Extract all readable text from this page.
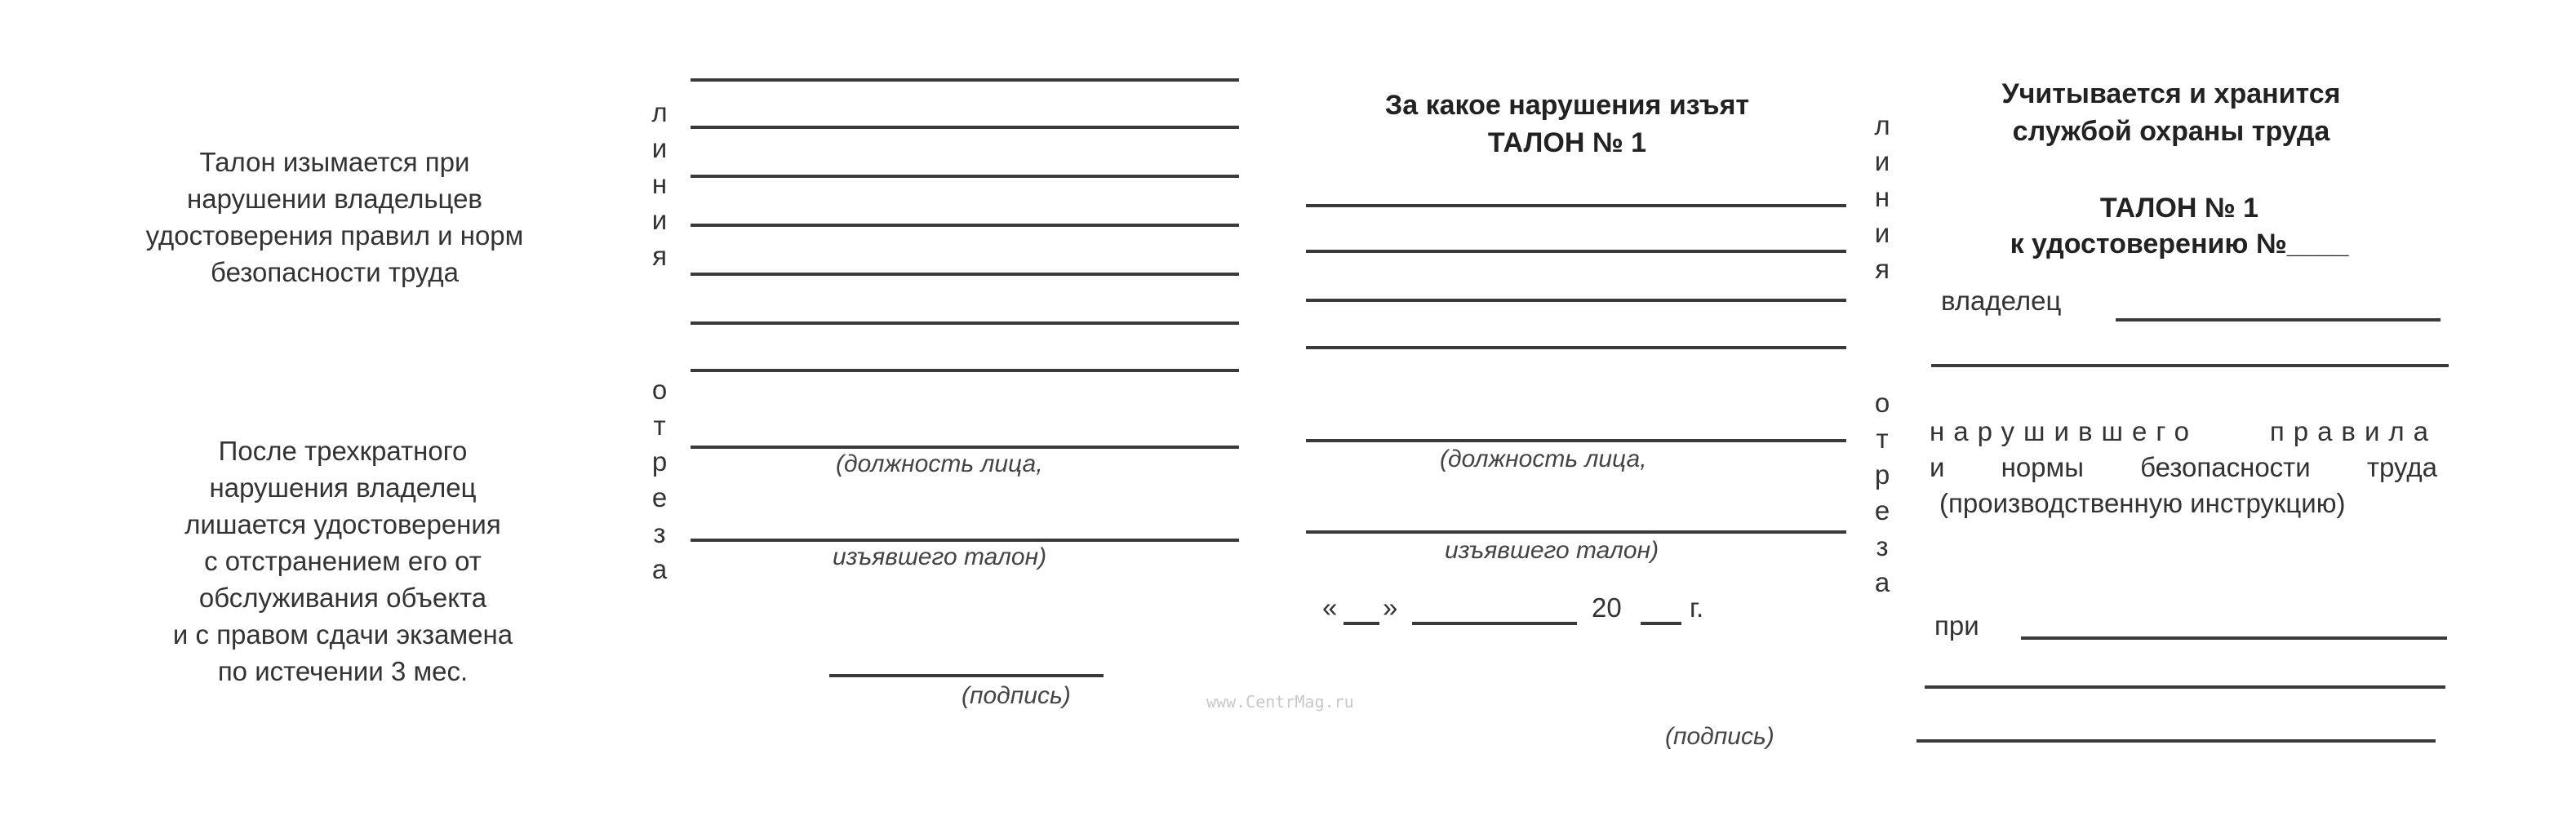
Талон изымается при
нарушении владельцев
удостоверения правил и норм
безопасности труда
После трехкратного
нарушения владелец
лишается удостоверения
с отстранением его от
обслуживания объекта
и с правом сдачи экзамена
по истечении 3 мес.
л
и
н
и
я
о
т
р
е
з
а
(должность лица,
изъявшего талон)
(подпись)
За какое нарушения изъят
ТАЛОН № 1
(должность лица,
изъявшего талон)
« »	20	г.
(подпись)
л
и
н
и
я
о
т
р
е
з
а
Учитывается и хранится
службой охраны труда
ТАЛОН № 1
к удостоверению №____
владелец
нарушившего правила
и нормы безопасности труда
(производственную инструкцию)
при
www.CentrMag.ru
